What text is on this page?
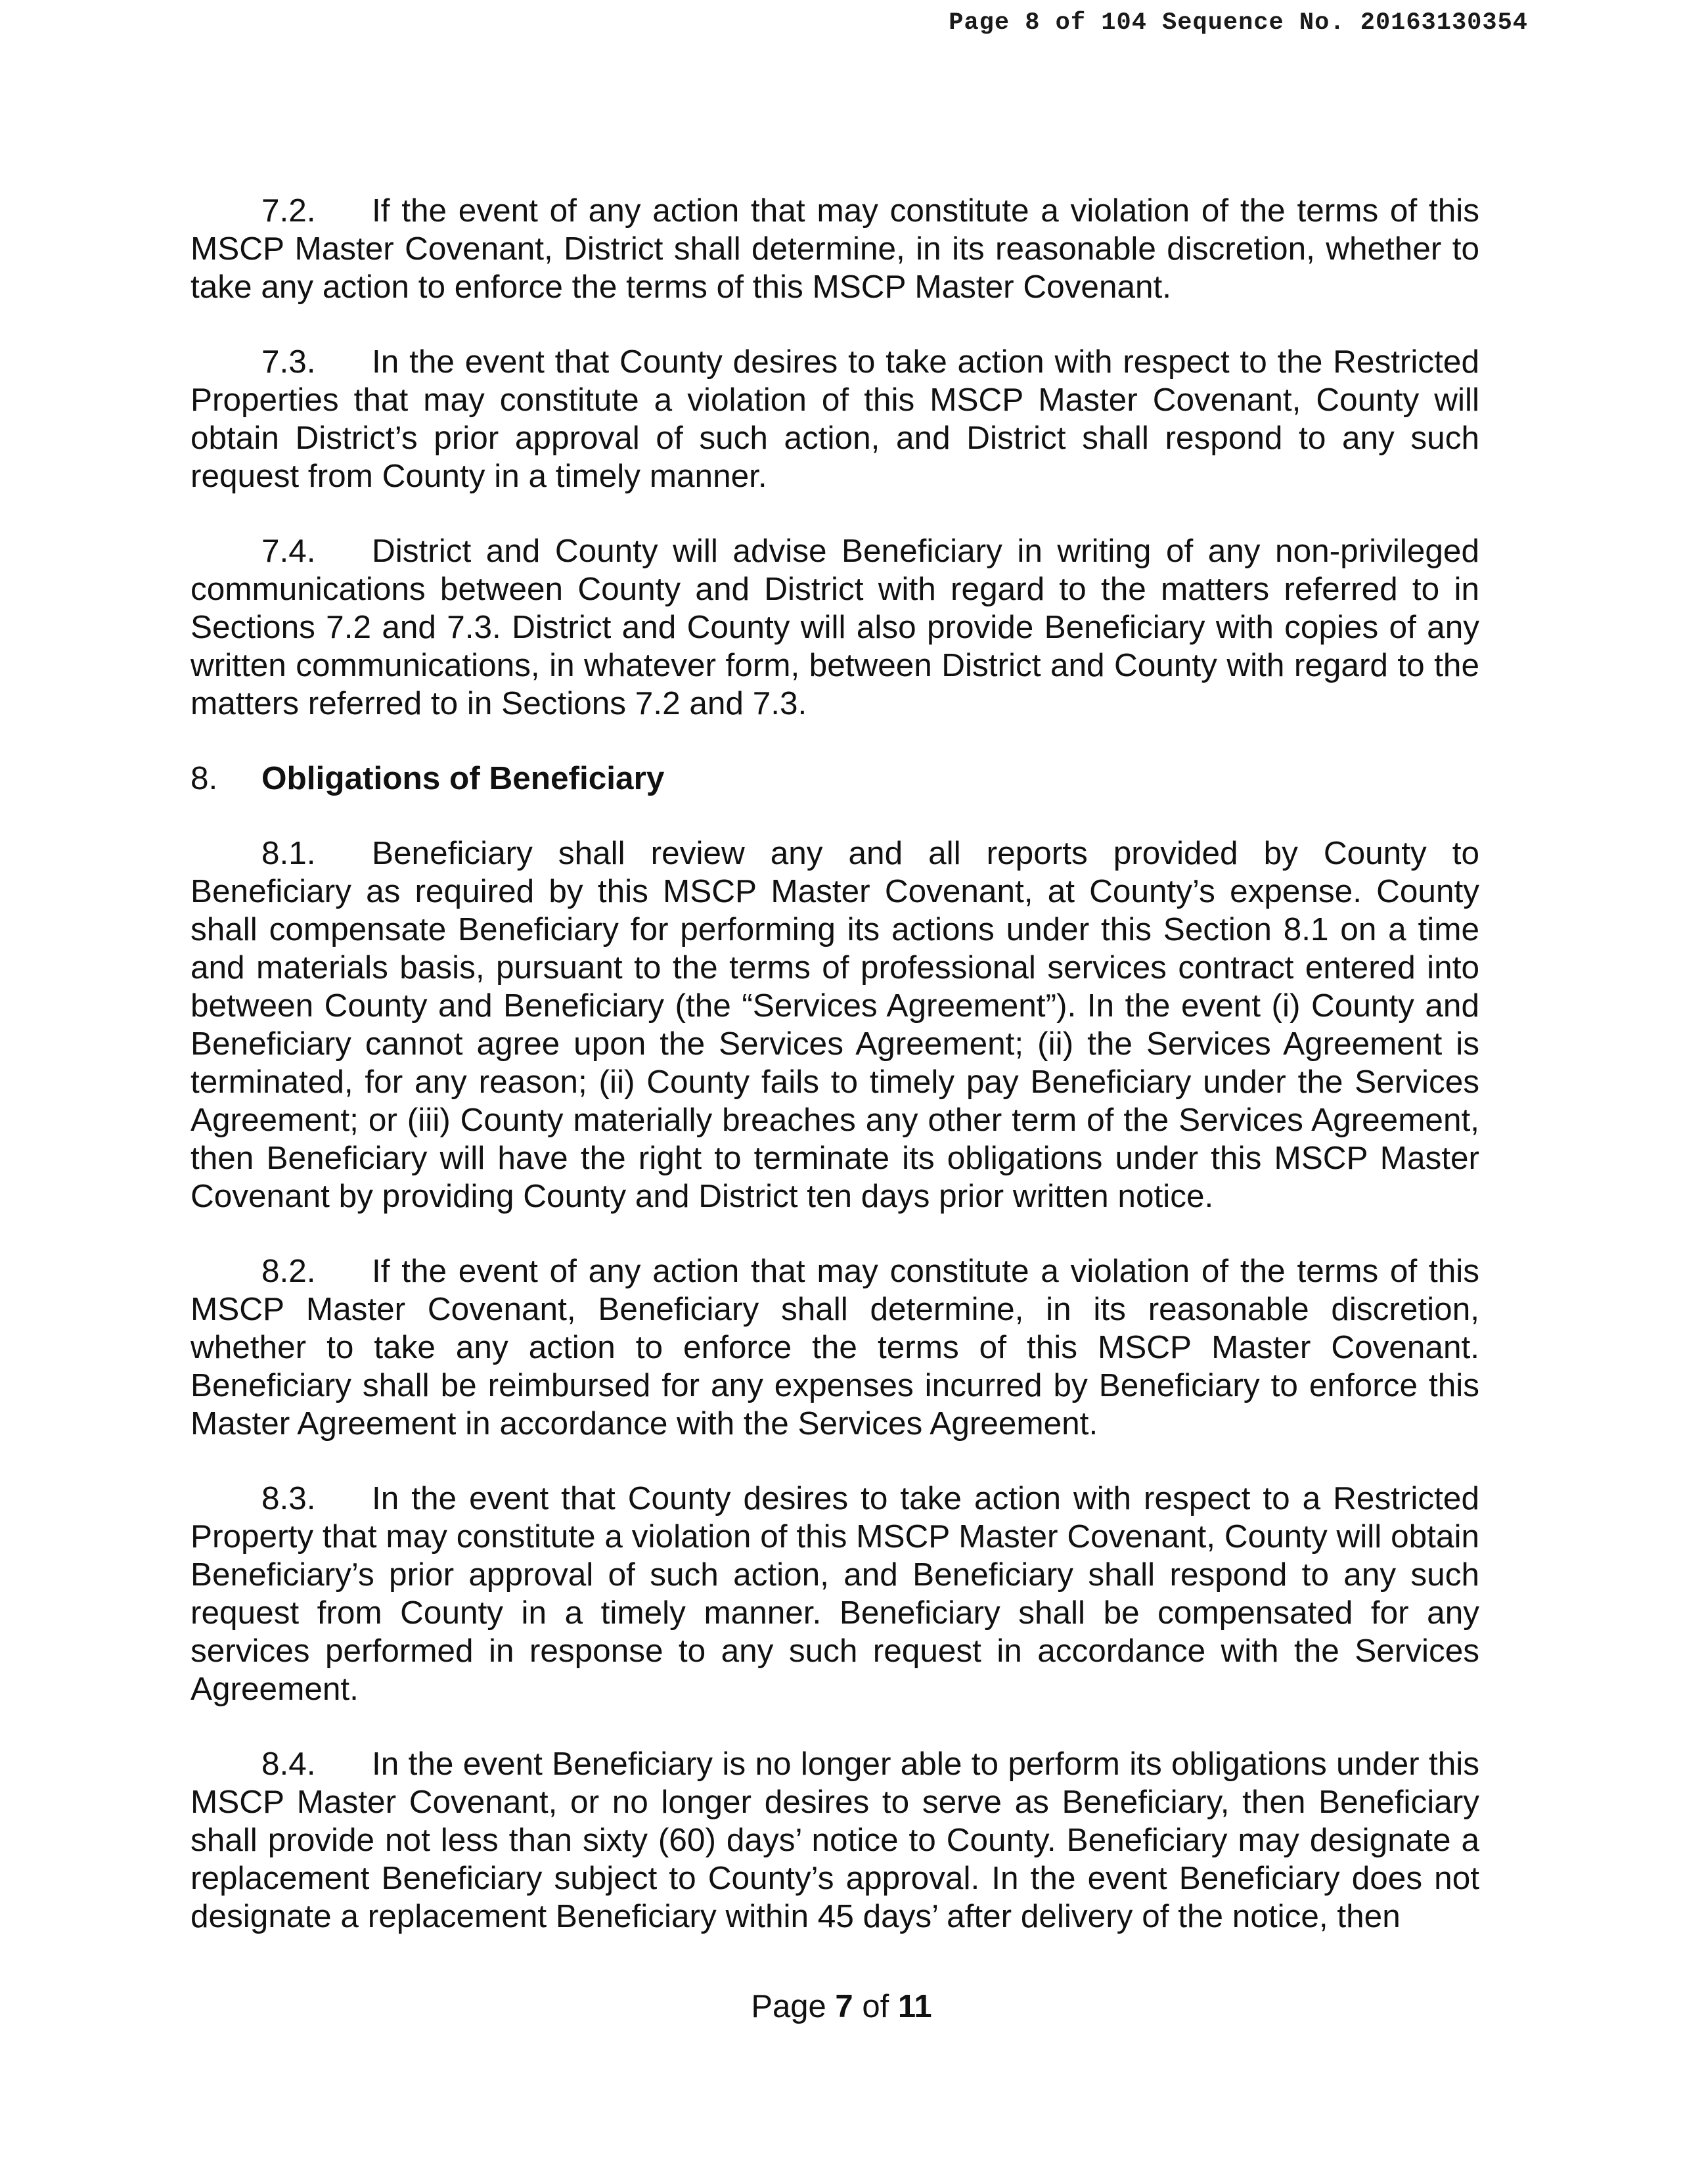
Page 8 of 104 Sequence No. 20163130354

7.2. If the event of any action that may constitute a violation of the terms of this MSCP Master Covenant, District shall determine, in its reasonable discretion, whether to take any action to enforce the terms of this MSCP Master Covenant.

7.3. In the event that County desires to take action with respect to the Restricted Properties that may constitute a violation of this MSCP Master Covenant, County will obtain District’s prior approval of such action, and District shall respond to any such request from County in a timely manner.

7.4. District and County will advise Beneficiary in writing of any non-privileged communications between County and District with regard to the matters referred to in Sections 7.2 and 7.3. District and County will also provide Beneficiary with copies of any written communications, in whatever form, between District and County with regard to the matters referred to in Sections 7.2 and 7.3.

8. Obligations of Beneficiary

8.1. Beneficiary shall review any and all reports provided by County to Beneficiary as required by this MSCP Master Covenant, at County’s expense. County shall compensate Beneficiary for performing its actions under this Section 8.1 on a time and materials basis, pursuant to the terms of professional services contract entered into between County and Beneficiary (the “Services Agreement”). In the event (i) County and Beneficiary cannot agree upon the Services Agreement; (ii) the Services Agreement is terminated, for any reason; (ii) County fails to timely pay Beneficiary under the Services Agreement; or (iii) County materially breaches any other term of the Services Agreement, then Beneficiary will have the right to terminate its obligations under this MSCP Master Covenant by providing County and District ten days prior written notice.

8.2. If the event of any action that may constitute a violation of the terms of this MSCP Master Covenant, Beneficiary shall determine, in its reasonable discretion, whether to take any action to enforce the terms of this MSCP Master Covenant. Beneficiary shall be reimbursed for any expenses incurred by Beneficiary to enforce this Master Agreement in accordance with the Services Agreement.

8.3. In the event that County desires to take action with respect to a Restricted Property that may constitute a violation of this MSCP Master Covenant, County will obtain Beneficiary’s prior approval of such action, and Beneficiary shall respond to any such request from County in a timely manner. Beneficiary shall be compensated for any services performed in response to any such request in accordance with the Services Agreement.

8.4. In the event Beneficiary is no longer able to perform its obligations under this MSCP Master Covenant, or no longer desires to serve as Beneficiary, then Beneficiary shall provide not less than sixty (60) days’ notice to County. Beneficiary may designate a replacement Beneficiary subject to County’s approval. In the event Beneficiary does not designate a replacement Beneficiary within 45 days’ after delivery of the notice, then

Page 7 of 11
